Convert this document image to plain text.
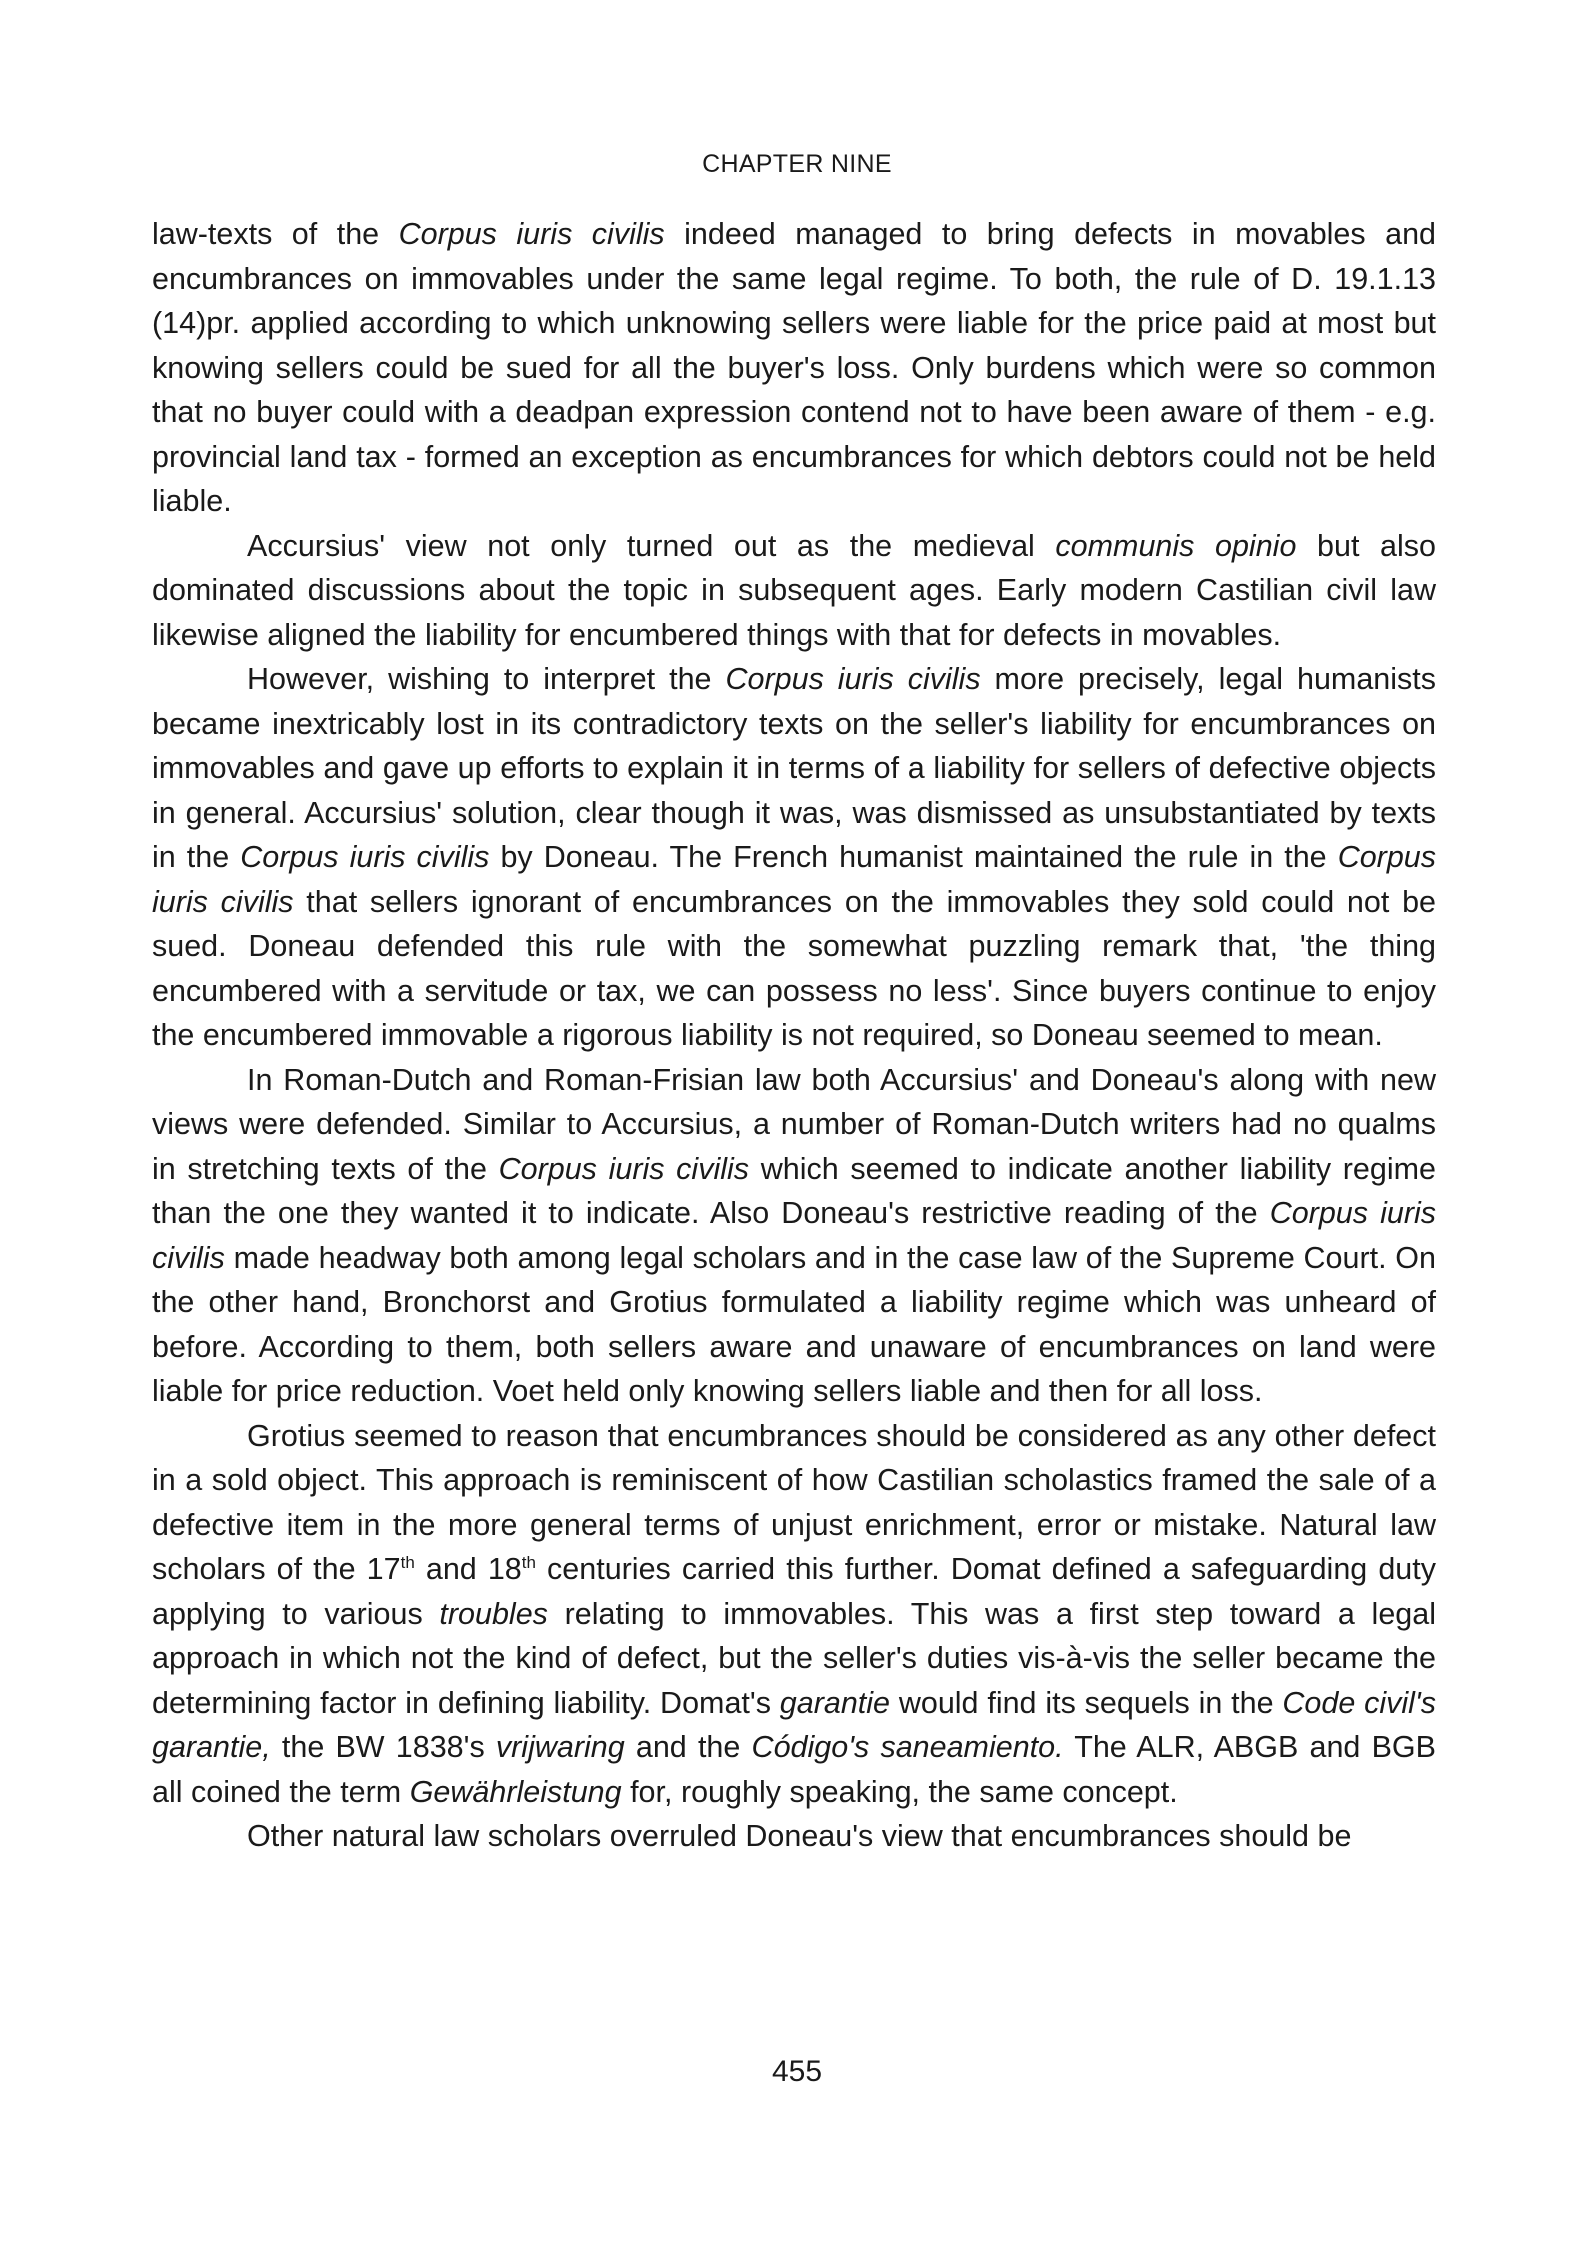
CHAPTER NINE

law-texts of the Corpus iuris civilis indeed managed to bring defects in movables and encumbrances on immovables under the same legal regime. To both, the rule of D. 19.1.13 (14)pr. applied according to which unknowing sellers were liable for the price paid at most but knowing sellers could be sued for all the buyer's loss. Only burdens which were so common that no buyer could with a deadpan expression contend not to have been aware of them - e.g. provincial land tax - formed an exception as encumbrances for which debtors could not be held liable.

Accursius' view not only turned out as the medieval communis opinio but also dominated discussions about the topic in subsequent ages. Early modern Castilian civil law likewise aligned the liability for encumbered things with that for defects in movables.

However, wishing to interpret the Corpus iuris civilis more precisely, legal humanists became inextricably lost in its contradictory texts on the seller's liability for encumbrances on immovables and gave up efforts to explain it in terms of a liability for sellers of defective objects in general. Accursius' solution, clear though it was, was dismissed as unsubstantiated by texts in the Corpus iuris civilis by Doneau. The French humanist maintained the rule in the Corpus iuris civilis that sellers ignorant of encumbrances on the immovables they sold could not be sued. Doneau defended this rule with the somewhat puzzling remark that, 'the thing encumbered with a servitude or tax, we can possess no less'. Since buyers continue to enjoy the encumbered immovable a rigorous liability is not required, so Doneau seemed to mean.

In Roman-Dutch and Roman-Frisian law both Accursius' and Doneau's along with new views were defended. Similar to Accursius, a number of Roman-Dutch writers had no qualms in stretching texts of the Corpus iuris civilis which seemed to indicate another liability regime than the one they wanted it to indicate. Also Doneau's restrictive reading of the Corpus iuris civilis made headway both among legal scholars and in the case law of the Supreme Court. On the other hand, Bronchorst and Grotius formulated a liability regime which was unheard of before. According to them, both sellers aware and unaware of encumbrances on land were liable for price reduction. Voet held only knowing sellers liable and then for all loss.

Grotius seemed to reason that encumbrances should be considered as any other defect in a sold object. This approach is reminiscent of how Castilian scholastics framed the sale of a defective item in the more general terms of unjust enrichment, error or mistake. Natural law scholars of the 17th and 18th centuries carried this further. Domat defined a safeguarding duty applying to various troubles relating to immovables. This was a first step toward a legal approach in which not the kind of defect, but the seller's duties vis-à-vis the seller became the determining factor in defining liability. Domat's garantie would find its sequels in the Code civil's garantie, the BW 1838's vrijwaring and the Código's saneamiento. The ALR, ABGB and BGB all coined the term Gewährleistung for, roughly speaking, the same concept.

Other natural law scholars overruled Doneau's view that encumbrances should be

455
